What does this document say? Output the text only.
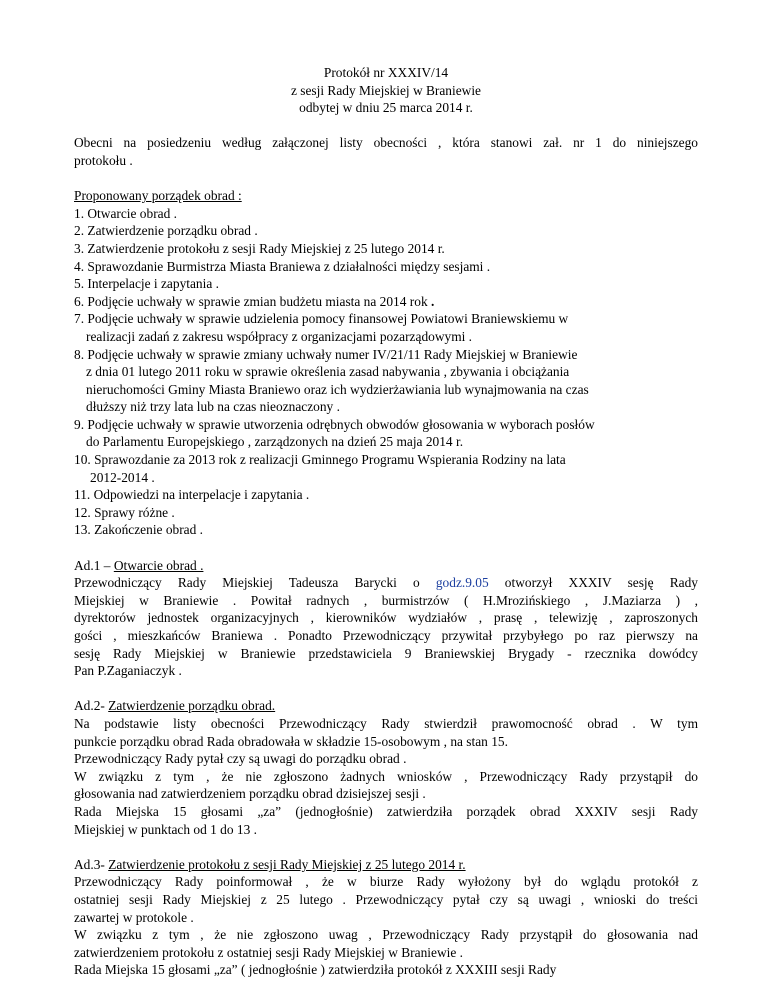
Protokół nr XXXIV/14
z sesji Rady Miejskiej w Braniewie
odbytej w dniu 25 marca 2014 r.
Obecni na posiedzeniu według załączonej listy obecności , która stanowi zał. nr 1 do niniejszego
protokołu .
Proponowany porządek obrad :
1. Otwarcie obrad .
2. Zatwierdzenie porządku obrad .
3. Zatwierdzenie protokołu z sesji Rady Miejskiej z 25 lutego 2014 r.
4. Sprawozdanie Burmistrza Miasta Braniewa z działalności między sesjami .
5. Interpelacje i zapytania .
6. Podjęcie uchwały w sprawie zmian budżetu miasta na 2014 rok .
7. Podjęcie uchwały w sprawie udzielenia pomocy finansowej Powiatowi Braniewskiemu w
realizacji zadań z zakresu współpracy z organizacjami pozarządowymi .
8. Podjęcie uchwały w sprawie zmiany uchwały numer IV/21/11 Rady Miejskiej w Braniewie
z dnia 01 lutego 2011 roku w sprawie określenia zasad nabywania , zbywania i obciążania
nieruchomości Gminy Miasta Braniewo oraz ich wydzierżawiania lub wynajmowania na czas
dłuższy niż trzy lata lub na czas nieoznaczony .
9. Podjęcie uchwały w sprawie utworzenia odrębnych obwodów głosowania w wyborach posłów
do Parlamentu Europejskiego , zarządzonych na dzień 25 maja 2014 r.
10. Sprawozdanie za 2013 rok z realizacji Gminnego Programu Wspierania Rodziny na lata
2012-2014 .
11. Odpowiedzi na interpelacje i zapytania .
12. Sprawy różne .
13. Zakończenie obrad .
Ad.1 – Otwarcie obrad .
Przewodniczący Rady Miejskiej Tadeusza Barycki o godz.9.05 otworzył XXXIV sesję Rady
Miejskiej w Braniewie . Powitał radnych , burmistrzów ( H.Mrozińskiego , J.Maziarza ) ,
dyrektorów jednostek organizacyjnych , kierowników wydziałów , prasę , telewizję , zaproszonych
gości , mieszkańców Braniewa . Ponadto Przewodniczący przywitał przybyłego po raz pierwszy na
sesję Rady Miejskiej w Braniewie przedstawiciela 9 Braniewskiej Brygady - rzecznika dowódcy
Pan P.Zaganiaczyk .
Ad.2- Zatwierdzenie porządku obrad.
Na podstawie listy obecności Przewodniczący Rady stwierdził prawomocność obrad . W tym
punkcie porządku obrad Rada obradowała w składzie 15-osobowym , na stan 15.
Przewodniczący Rady pytał czy są uwagi do porządku obrad .
W związku z tym , że nie zgłoszono żadnych wniosków , Przewodniczący Rady przystąpił do
głosowania nad zatwierdzeniem porządku obrad dzisiejszej sesji .
Rada Miejska 15 głosami „za” (jednogłośnie) zatwierdziła porządek obrad XXXIV sesji Rady
Miejskiej w punktach od 1 do 13 .
Ad.3- Zatwierdzenie protokołu z sesji Rady Miejskiej z 25 lutego 2014 r.
Przewodniczący Rady poinformował , że w biurze Rady wyłożony był do wglądu protokół z
ostatniej sesji Rady Miejskiej z 25 lutego . Przewodniczący pytał czy są uwagi , wnioski do treści
zawartej w protokole .
W związku z tym , że nie zgłoszono uwag , Przewodniczący Rady przystąpił do głosowania nad
zatwierdzeniem protokołu z ostatniej sesji Rady Miejskiej w Braniewie .
Rada Miejska 15 głosami „za” ( jednogłośnie ) zatwierdziła protokół z XXXIII sesji Rady
